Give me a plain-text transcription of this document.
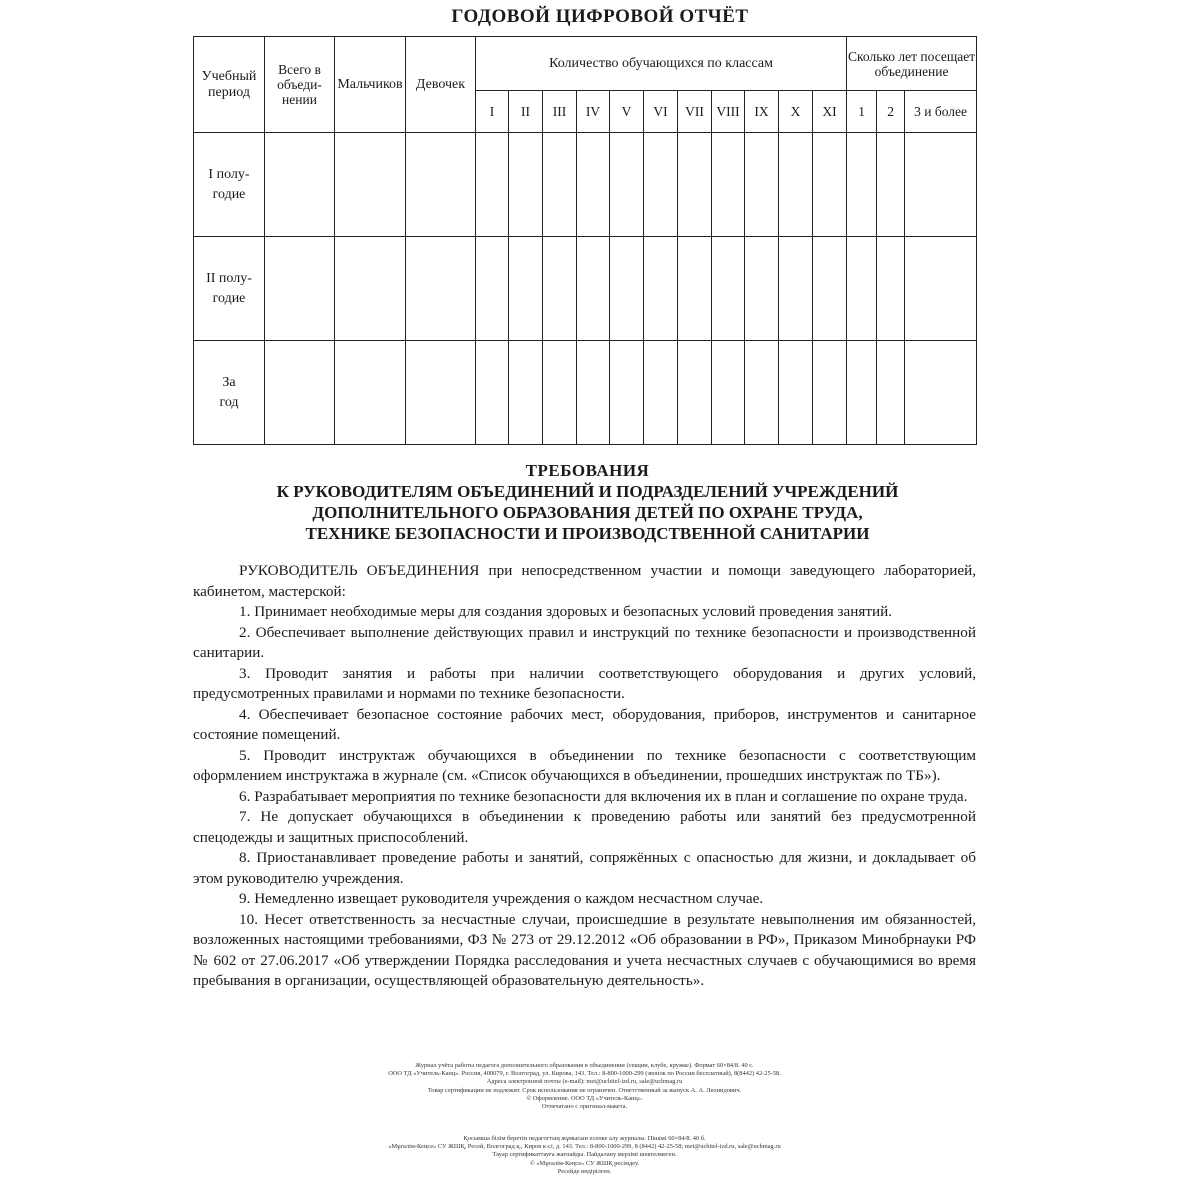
ГОДОВОЙ ЦИФРОВОЙ ОТЧЁТ
Учебный период	Всего в объединении	Мальчиков	Девочек	Количество обучающихся по классам											Сколько лет посещает объединение		
				I	II	III	IV	V	VI	VII	VIII	IX	X	XI	1	2	3 и более
I полугодие																	
II полугодие																	
За год																	
ТРЕБОВАНИЯ
К РУКОВОДИТЕЛЯМ ОБЪЕДИНЕНИЙ И ПОДРАЗДЕЛЕНИЙ УЧРЕЖДЕНИЙ
ДОПОЛНИТЕЛЬНОГО ОБРАЗОВАНИЯ ДЕТЕЙ ПО ОХРАНЕ ТРУДА,
ТЕХНИКЕ БЕЗОПАСНОСТИ И ПРОИЗВОДСТВЕННОЙ САНИТАРИИ

РУКОВОДИТЕЛЬ ОБЪЕДИНЕНИЯ при непосредственном участии и помощи заведующего лабораторией, кабинетом, мастерской:

1. Принимает необходимые меры для создания здоровых и безопасных условий проведения занятий.

2. Обеспечивает выполнение действующих правил и инструкций по технике безопасности и производственной санитарии.

3. Проводит занятия и работы при наличии соответствующего оборудования и других условий, предусмотренных правилами и нормами по технике безопасности.

4. Обеспечивает безопасное состояние рабочих мест, оборудования, приборов, инструментов и санитарное состояние помещений.

5. Проводит инструктаж обучающихся в объединении по технике безопасности с соответствующим оформлением инструктажа в журнале (см. «Список обучающихся в объединении, прошедших инструктаж по ТБ»).

6. Разрабатывает мероприятия по технике безопасности для включения их в план и соглашение по охране труда.

7. Не допускает обучающихся в объединении к проведению работы или занятий без предусмотренной спецодежды и защитных приспособлений.

8. Приостанавливает проведение работы и занятий, сопряжённых с опасностью для жизни, и докладывает об этом руководителю учреждения.

9. Немедленно извещает руководителя учреждения о каждом несчастном случае.

10. Несет ответственность за несчастные случаи, происшедшие в результате невыполнения им обязанностей, возложенных настоящими требованиями, ФЗ № 273 от 29.12.2012 «Об образовании в РФ», Приказом Минобрнауки РФ № 602 от 27.06.2017 «Об утверждении Порядка расследования и учета несчастных случаев с обучающимися во время пребывания в организации, осуществляющей образовательную деятельность».

Журнал учёта работы педагога дополнительного образования в объединении (секции, клубе, кружке). Формат 60×84/8. 40 с.
ООО ТД «Учитель-Канц». Россия, 400079, г. Волгоград, ул. Кирова, 143. Тел.: 8-800-1000-299 (звонок по России бесплатный), 8(8442) 42-25-58.
Адреса электронной почты (e-mail): met@uchitel-izd.ru, sale@uchmag.ru
Товар сертификации не подлежит. Срок использования не ограничен. Ответственный за выпуск А. А. Леонидович.
© Оформление. ООО ТД «Учитель-Канц».
Отпечатано с оригинал-макета.
Қосымша білім беретін педагогтың жұмысын есепке алу журналы. Пішімі 60×84/8. 40 б.
«Мұғалім-Кеңсе» СУ ЖШҚ, Ресей, Волгоград қ., Киров к-сі, д. 143. Тел.: 8-800-1000-299, 8 (8442) 42-25-58; met@uchitel-izd.ru, sale@uchmag.ru
Тауар сертификаттауға жатпайды. Пайдалану мерзімі шектелмеген.
© «Мұғалім-Кеңсе» СУ ЖШҚ ресімдеу.
Ресейде өндірілген.
